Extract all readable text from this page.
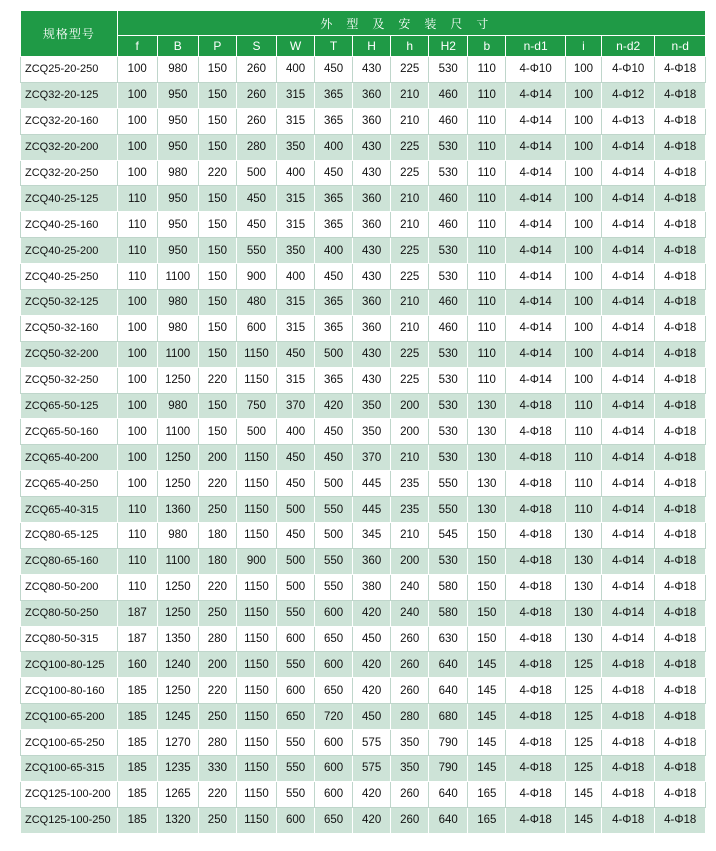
规格型号	外型及安装尺寸													
	f	B	P	S	W	T	H	h	H2	b	n-d1	i	n-d2	n-d
ZCQ25-20-250	100	980	150	260	400	450	430	225	530	110	4-Φ10	100	4-Φ10	4-Φ18
ZCQ32-20-125	100	950	150	260	315	365	360	210	460	110	4-Φ14	100	4-Φ12	4-Φ18
ZCQ32-20-160	100	950	150	260	315	365	360	210	460	110	4-Φ14	100	4-Φ13	4-Φ18
ZCQ32-20-200	100	950	150	280	350	400	430	225	530	110	4-Φ14	100	4-Φ14	4-Φ18
ZCQ32-20-250	100	980	220	500	400	450	430	225	530	110	4-Φ14	100	4-Φ14	4-Φ18
ZCQ40-25-125	110	950	150	450	315	365	360	210	460	110	4-Φ14	100	4-Φ14	4-Φ18
ZCQ40-25-160	110	950	150	450	315	365	360	210	460	110	4-Φ14	100	4-Φ14	4-Φ18
ZCQ40-25-200	110	950	150	550	350	400	430	225	530	110	4-Φ14	100	4-Φ14	4-Φ18
ZCQ40-25-250	110	1100	150	900	400	450	430	225	530	110	4-Φ14	100	4-Φ14	4-Φ18
ZCQ50-32-125	100	980	150	480	315	365	360	210	460	110	4-Φ14	100	4-Φ14	4-Φ18
ZCQ50-32-160	100	980	150	600	315	365	360	210	460	110	4-Φ14	100	4-Φ14	4-Φ18
ZCQ50-32-200	100	1100	150	1150	450	500	430	225	530	110	4-Φ14	100	4-Φ14	4-Φ18
ZCQ50-32-250	100	1250	220	1150	315	365	430	225	530	110	4-Φ14	100	4-Φ14	4-Φ18
ZCQ65-50-125	100	980	150	750	370	420	350	200	530	130	4-Φ18	110	4-Φ14	4-Φ18
ZCQ65-50-160	100	1100	150	500	400	450	350	200	530	130	4-Φ18	110	4-Φ14	4-Φ18
ZCQ65-40-200	100	1250	200	1150	450	450	370	210	530	130	4-Φ18	110	4-Φ14	4-Φ18
ZCQ65-40-250	100	1250	220	1150	450	500	445	235	550	130	4-Φ18	110	4-Φ14	4-Φ18
ZCQ65-40-315	110	1360	250	1150	500	550	445	235	550	130	4-Φ18	110	4-Φ14	4-Φ18
ZCQ80-65-125	110	980	180	1150	450	500	345	210	545	150	4-Φ18	130	4-Φ14	4-Φ18
ZCQ80-65-160	110	1100	180	900	500	550	360	200	530	150	4-Φ18	130	4-Φ14	4-Φ18
ZCQ80-50-200	110	1250	220	1150	500	550	380	240	580	150	4-Φ18	130	4-Φ14	4-Φ18
ZCQ80-50-250	187	1250	250	1150	550	600	420	240	580	150	4-Φ18	130	4-Φ14	4-Φ18
ZCQ80-50-315	187	1350	280	1150	600	650	450	260	630	150	4-Φ18	130	4-Φ14	4-Φ18
ZCQ100-80-125	160	1240	200	1150	550	600	420	260	640	145	4-Φ18	125	4-Φ18	4-Φ18
ZCQ100-80-160	185	1250	220	1150	600	650	420	260	640	145	4-Φ18	125	4-Φ18	4-Φ18
ZCQ100-65-200	185	1245	250	1150	650	720	450	280	680	145	4-Φ18	125	4-Φ18	4-Φ18
ZCQ100-65-250	185	1270	280	1150	550	600	575	350	790	145	4-Φ18	125	4-Φ18	4-Φ18
ZCQ100-65-315	185	1235	330	1150	550	600	575	350	790	145	4-Φ18	125	4-Φ18	4-Φ18
ZCQ125-100-200	185	1265	220	1150	550	600	420	260	640	165	4-Φ18	145	4-Φ18	4-Φ18
ZCQ125-100-250	185	1320	250	1150	600	650	420	260	640	165	4-Φ18	145	4-Φ18	4-Φ18
